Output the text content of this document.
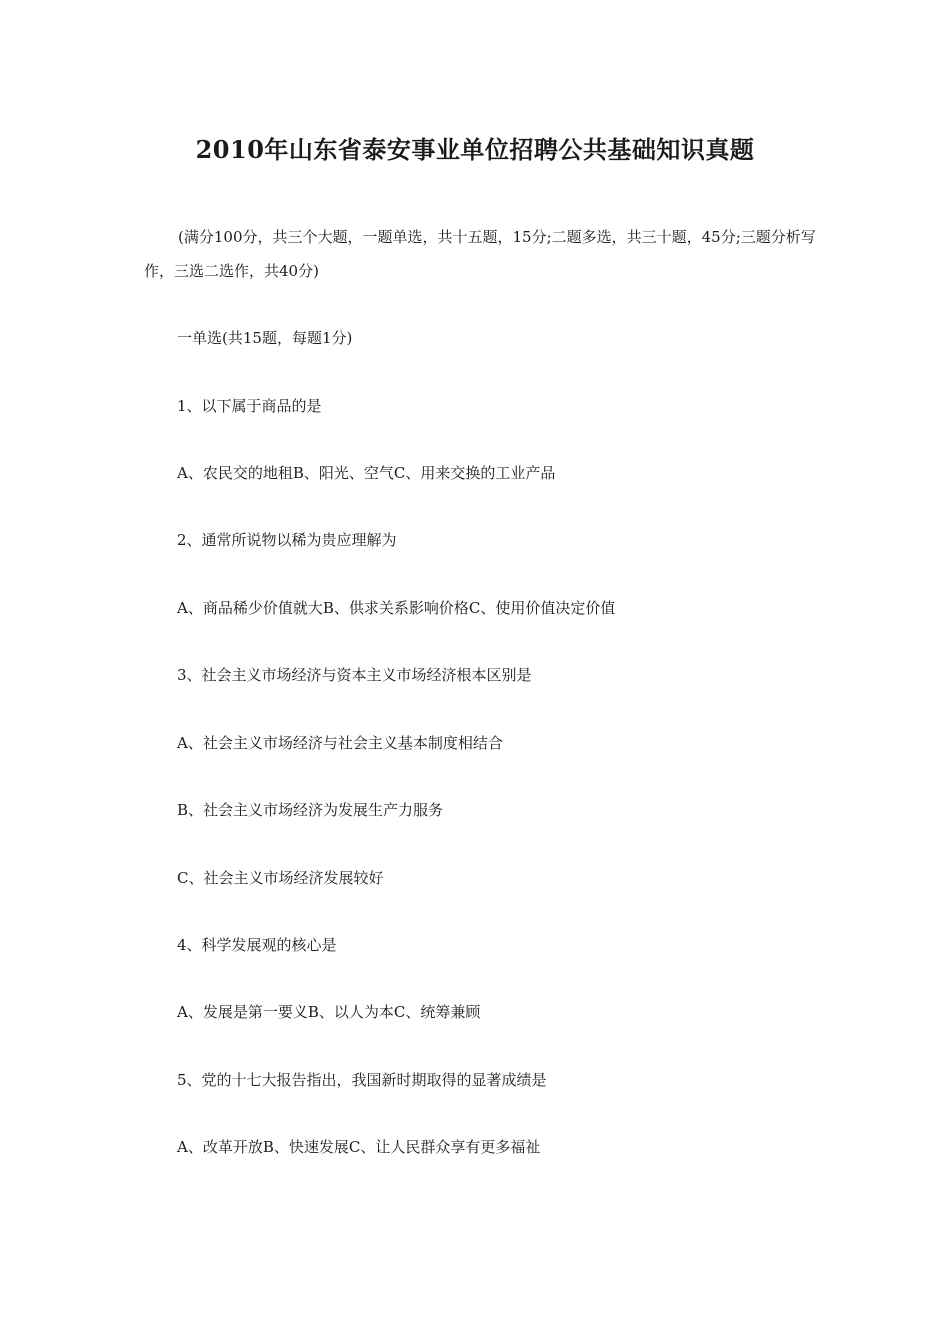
2010年山东省泰安事业单位招聘公共基础知识真题
(满分100分，共三个大题，一题单选，共十五题，15分;二题多选，共三十题，45分;三题分析写作，三选二选作，共40分)
一单选(共15题，每题1分)
1、以下属于商品的是
A、农民交的地租B、阳光、空气C、用来交换的工业产品
2、通常所说物以稀为贵应理解为
A、商品稀少价值就大B、供求关系影响价格C、使用价值决定价值
3、社会主义市场经济与资本主义市场经济根本区别是
A、社会主义市场经济与社会主义基本制度相结合
B、社会主义市场经济为发展生产力服务
C、社会主义市场经济发展较好
4、科学发展观的核心是
A、发展是第一要义B、以人为本C、统筹兼顾
5、党的十七大报告指出，我国新时期取得的显著成绩是
A、改革开放B、快速发展C、让人民群众享有更多福祉
